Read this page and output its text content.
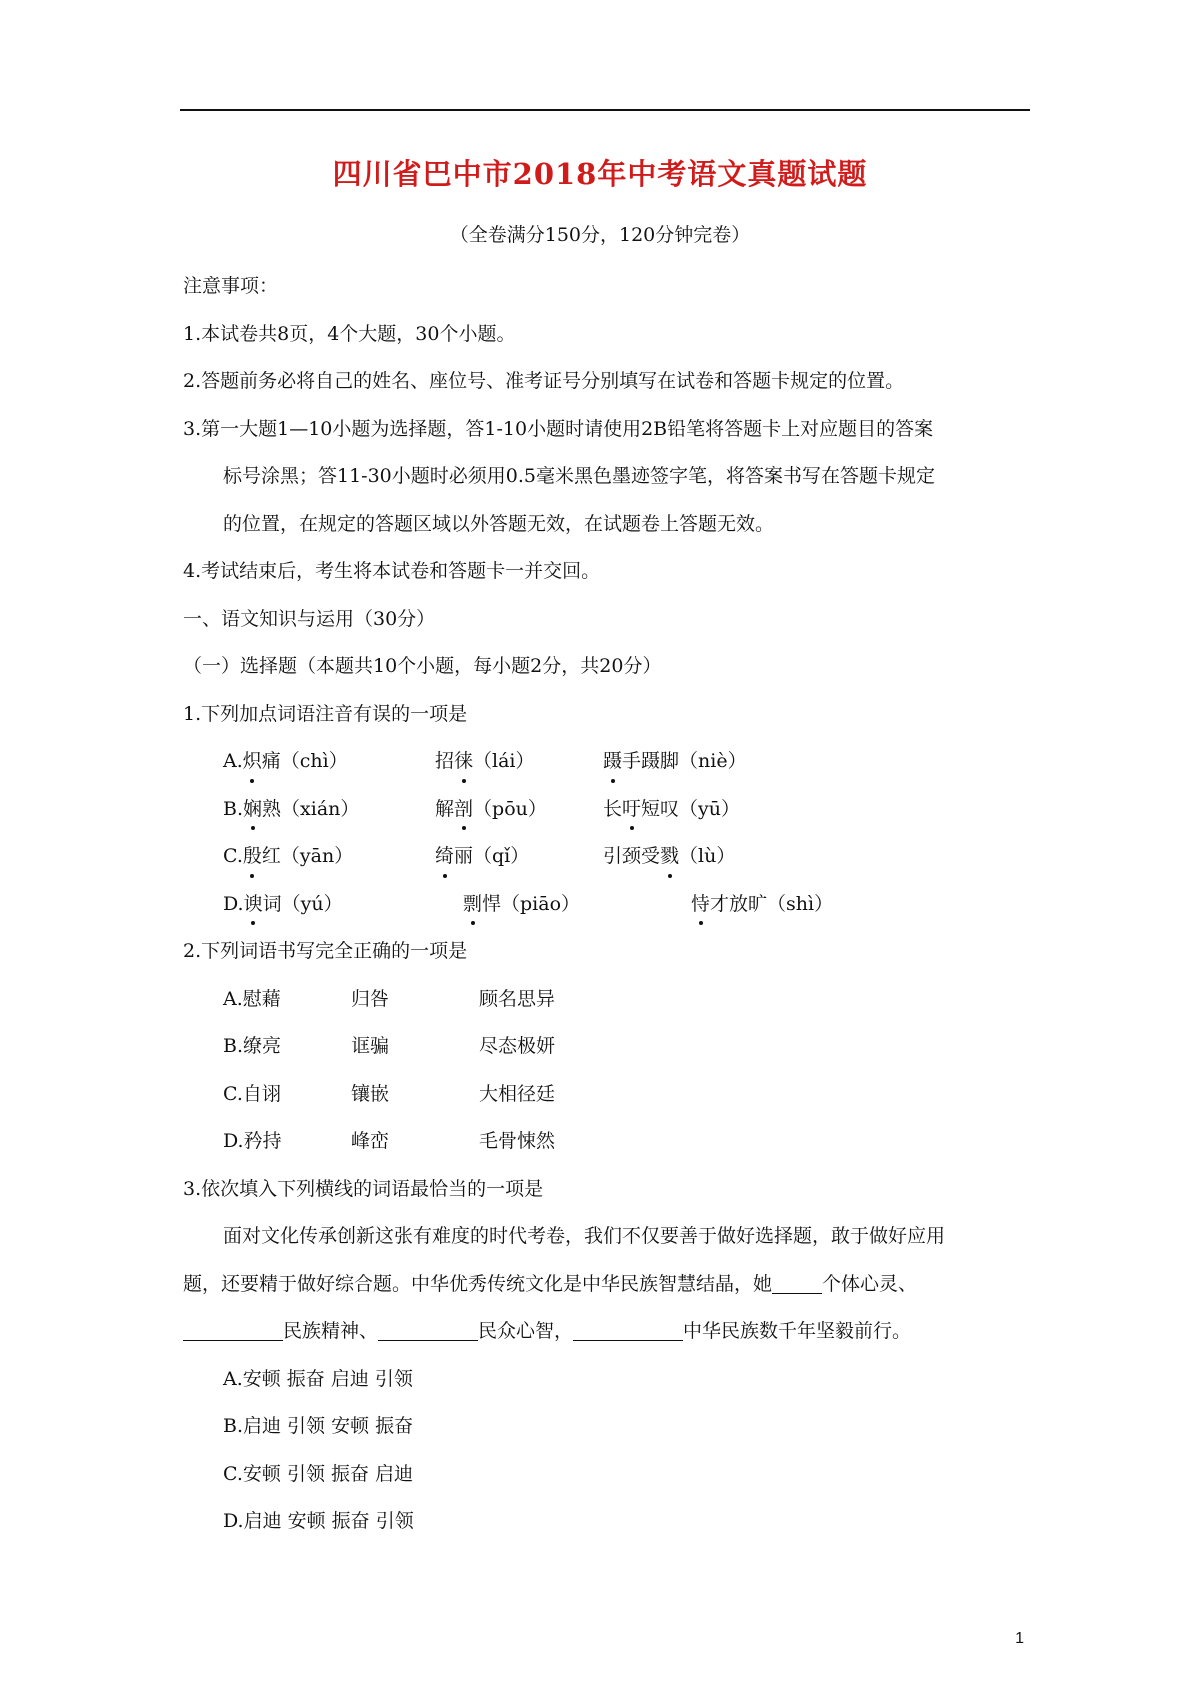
四川省巴中市2018年中考语文真题试题
（全卷满分150分，120分钟完卷）
注意事项：
1.本试卷共8页，4个大题，30个小题。
2.答题前务必将自己的姓名、座位号、准考证号分别填写在试卷和答题卡规定的位置。
3.第一大题1—10小题为选择题，答1-10小题时请使用2B铅笔将答题卡上对应题目的答案
标号涂黑；答11-30小题时必须用0.5毫米黑色墨迹签字笔，将答案书写在答题卡规定
的位置，在规定的答题区域以外答题无效，在试题卷上答题无效。
4.考试结束后，考生将本试卷和答题卡一并交回。
一、语文知识与运用（30分）
（一）选择题（本题共10个小题，每小题2分，共20分）
1.下列加点词语注音有误的一项是
A.炽痛（chì）	招徕（lái）	蹑手蹑脚（niè）
B.娴熟（xián）	解剖（pōu）	长吁短叹（yū）
C.殷红（yān）	绮丽（qǐ）	引颈受戮（lù）
D.谀词（yú）	剽悍（piāo）	恃才放旷（shì）
2.下列词语书写完全正确的一项是
A.慰藉	归咎	顾名思异
B.缭亮	诓骗	尽态极妍
C.自诩	镶嵌	大相径廷
D.矜持	峰峦	毛骨悚然
3.依次填入下列横线的词语最恰当的一项是
面对文化传承创新这张有难度的时代考卷，我们不仅要善于做好选择题，敢于做好应用
题，还要精于做好综合题。中华优秀传统文化是中华民族智慧结晶，她	个体心灵、
民族精神、	民众心智，	中华民族数千年坚毅前行。
A.安顿 振奋 启迪 引领
B.启迪 引领 安顿 振奋
C.安顿 引领 振奋 启迪
D.启迪 安顿 振奋 引领
1
